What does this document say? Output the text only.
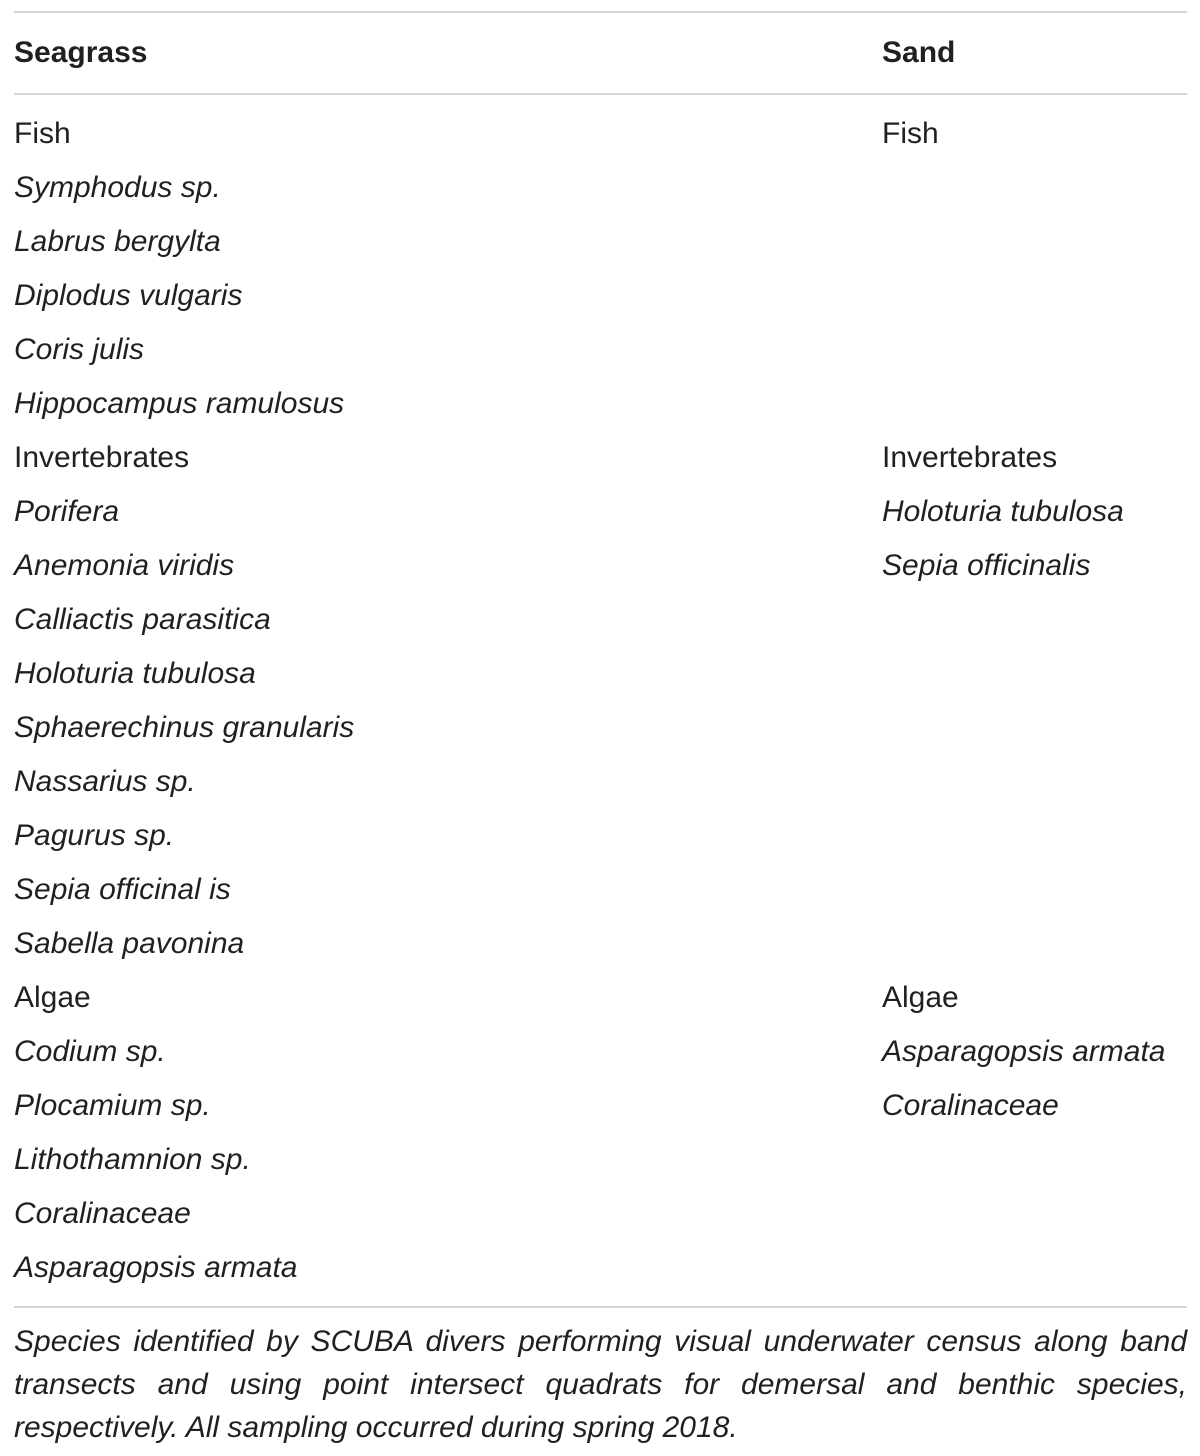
Seagrass	Sand
Fish
Symphodus sp.
Labrus bergylta
Diplodus vulgaris
Coris julis
Hippocampus ramulosus
Invertebrates
Porifera
Anemonia viridis
Calliactis parasitica
Holoturia tubulosa
Sphaerechinus granularis
Nassarius sp.
Pagurus sp.
Sepia officinal is
Sabella pavonina
Algae
Codium sp.
Plocamium sp.
Lithothamnion sp.
Coralinaceae
Asparagopsis armata
Fish
Invertebrates
Holoturia tubulosa
Sepia officinalis
Algae
Asparagopsis armata
Coralinaceae
Species identified by SCUBA divers performing visual underwater census along band transects and using point intersect quadrats for demersal and benthic species, respectively. All sampling occurred during spring 2018.
